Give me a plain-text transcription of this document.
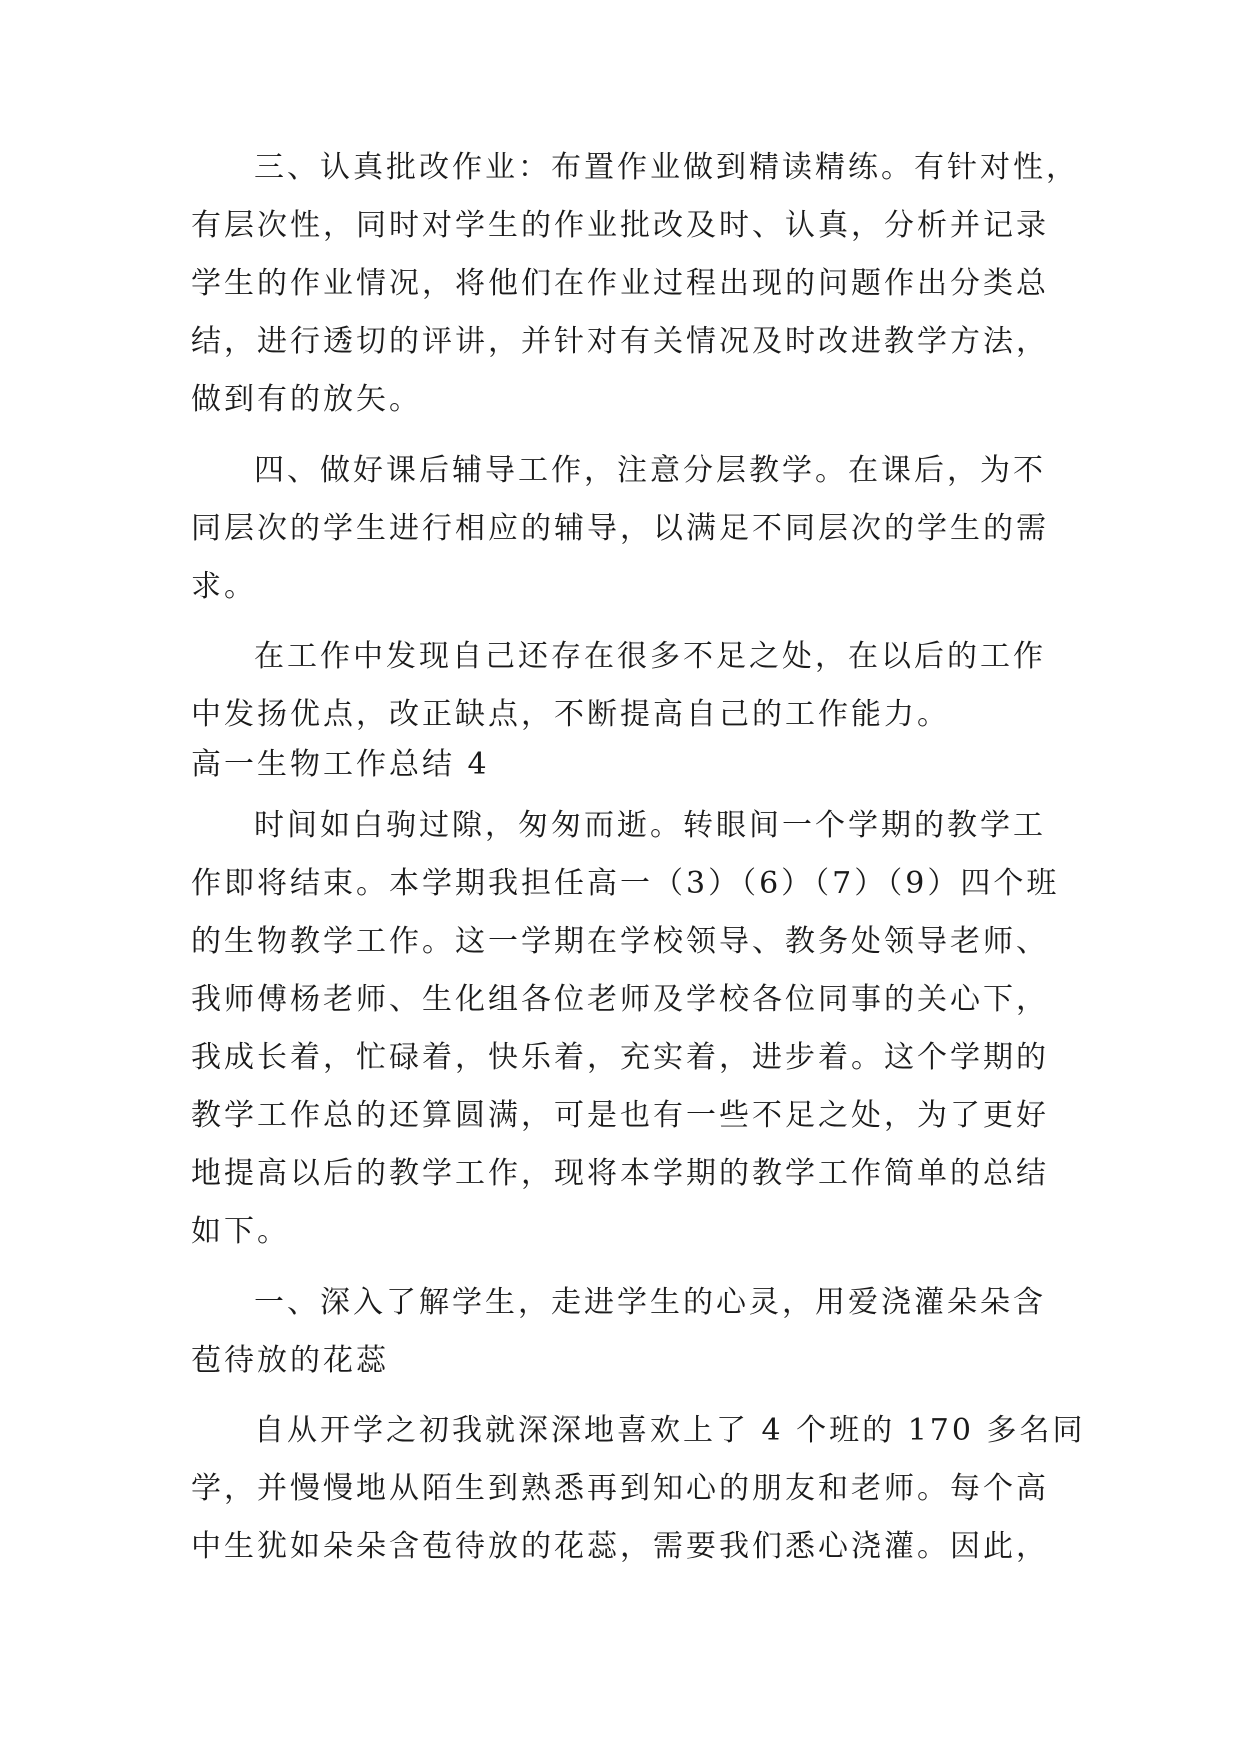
三、认真批改作业：布置作业做到精读精练。有针对性，
有层次性，同时对学生的作业批改及时、认真，分析并记录
学生的作业情况，将他们在作业过程出现的问题作出分类总
结，进行透切的评讲，并针对有关情况及时改进教学方法，
做到有的放矢。
四、做好课后辅导工作，注意分层教学。在课后，为不
同层次的学生进行相应的辅导，以满足不同层次的学生的需
求。
在工作中发现自己还存在很多不足之处，在以后的工作
中发扬优点，改正缺点，不断提高自己的工作能力。
高一生物工作总结 4
时间如白驹过隙，匆匆而逝。转眼间一个学期的教学工
作即将结束。本学期我担任高一（3）（6）（7）（9）四个班
的生物教学工作。这一学期在学校领导、教务处领导老师、
我师傅杨老师、生化组各位老师及学校各位同事的关心下，
我成长着，忙碌着，快乐着，充实着，进步着。这个学期的
教学工作总的还算圆满，可是也有一些不足之处，为了更好
地提高以后的教学工作，现将本学期的教学工作简单的总结
如下。
一、深入了解学生，走进学生的心灵，用爱浇灌朵朵含
苞待放的花蕊
自从开学之初我就深深地喜欢上了 4 个班的 170 多名同
学，并慢慢地从陌生到熟悉再到知心的朋友和老师。每个高
中生犹如朵朵含苞待放的花蕊，需要我们悉心浇灌。因此，
